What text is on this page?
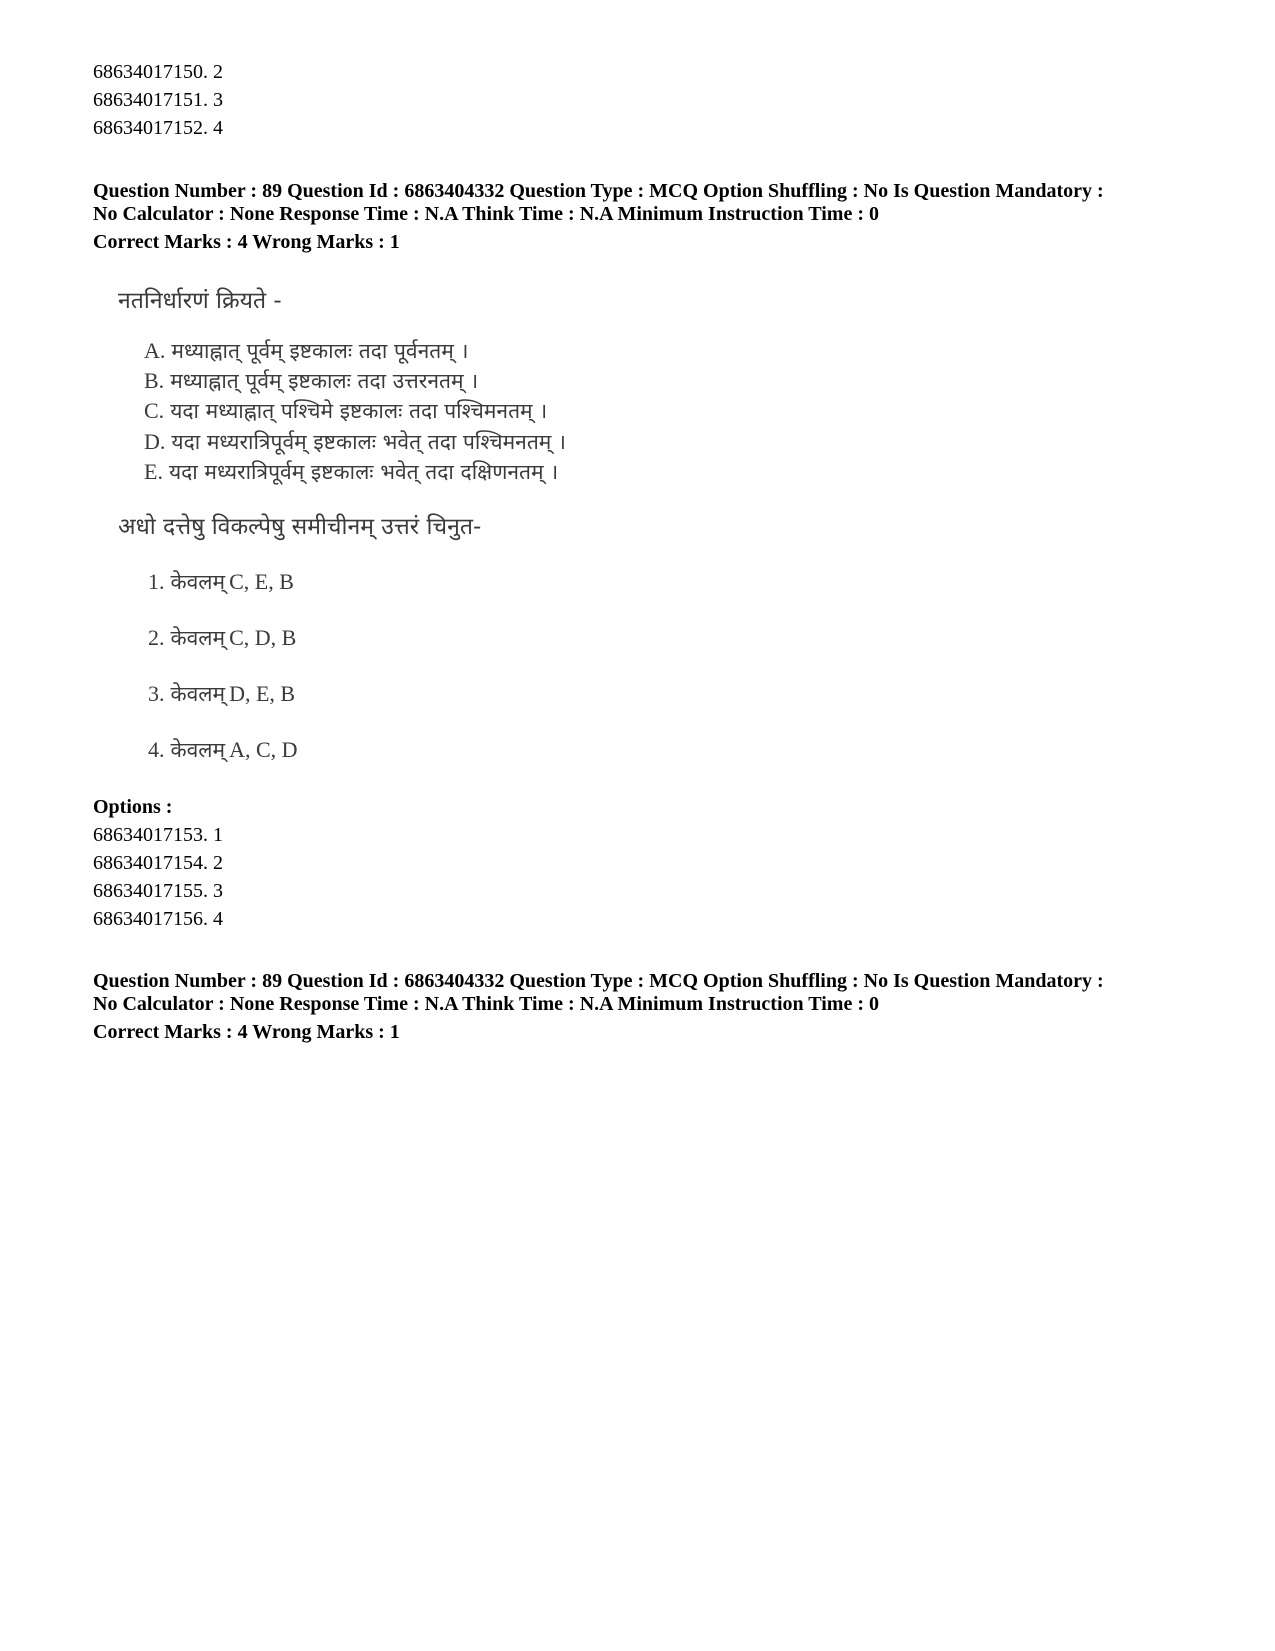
68634017150. 2
68634017151. 3
68634017152. 4
Question Number : 89 Question Id : 6863404332 Question Type : MCQ Option Shuffling : No Is Question Mandatory :
No Calculator : None Response Time : N.A Think Time : N.A Minimum Instruction Time : 0
Correct Marks : 4 Wrong Marks : 1
नतनिर्धारणं क्रियते -
A. मध्याह्नात् पूर्वम् इष्टकालः तदा पूर्वनतम् ।
B. मध्याह्नात् पूर्वम् इष्टकालः तदा उत्तरनतम् ।
C. यदा मध्याह्नात् पश्चिमे इष्टकालः तदा पश्चिमनतम् ।
D. यदा मध्यरात्रिपूर्वम् इष्टकालः भवेत् तदा पश्चिमनतम् ।
E. यदा मध्यरात्रिपूर्वम् इष्टकालः भवेत् तदा दक्षिणनतम् ।
अधो दत्तेषु विकल्पेषु समीचीनम् उत्तरं चिनुत-
1. केवलम् C, E, B
2. केवलम् C, D, B
3. केवलम् D, E, B
4. केवलम् A, C, D
Options :
68634017153. 1
68634017154. 2
68634017155. 3
68634017156. 4
Question Number : 89 Question Id : 6863404332 Question Type : MCQ Option Shuffling : No Is Question Mandatory :
No Calculator : None Response Time : N.A Think Time : N.A Minimum Instruction Time : 0
Correct Marks : 4 Wrong Marks : 1
